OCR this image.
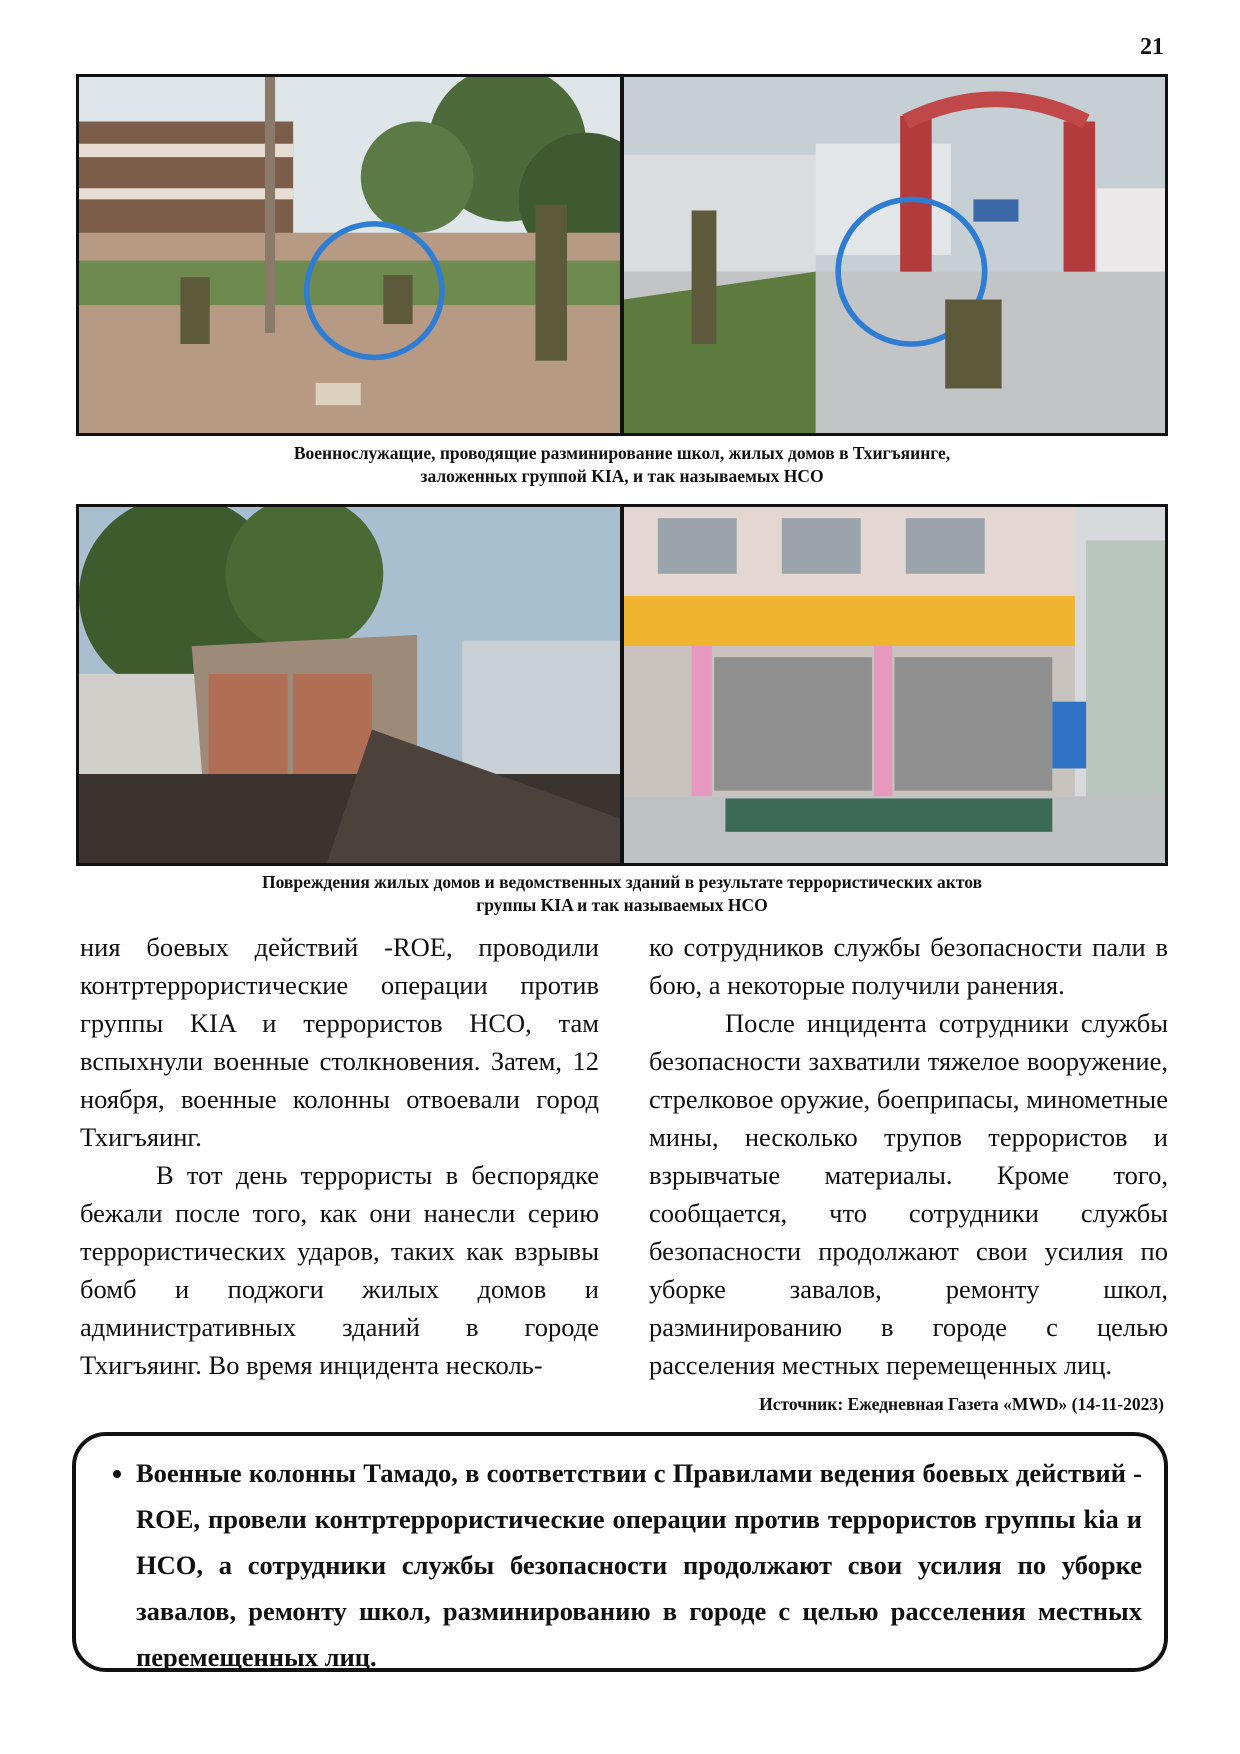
21
Военнослужащие, проводящие разминирование школ, жилых домов в Тхигъяинге,
заложенных группой KIA, и так называемых НСО
Повреждения жилых домов и ведомственных зданий в результате террористических актов
группы KIA и так называемых НСО

ния боевых действий -ROE, проводили контртеррористические операции против группы KIA и террористов НСО, там вспыхнули военные столкновения. Затем, 12 ноября, военные колонны отвоевали город Тхигъяинг.

В тот день террористы в беспорядке бежали после того, как они нанесли серию террористических ударов, таких как взрывы бомб и поджоги жилых домов и административных зданий в городе Тхигъяинг. Во время инцидента несколь-

ко сотрудников службы безопасности пали в бою, а некоторые получили ранения.

После инцидента сотрудники службы безопасности захватили тяжелое вооружение, стрелковое оружие, боеприпасы, минометные мины, несколько трупов террористов и взрывчатые материалы. Кроме того, сообщается, что сотрудники службы безопасности продолжают свои усилия по уборке завалов, ремонту школ, разминированию в городе с целью расселения местных перемещенных лиц.

Источник: Ежедневная Газета «MWD» (14-11-2023)
• Военные колонны Тамадо, в соответствии с Правилами ведения боевых действий -ROE, провели контртеррористические операции против террористов группы kia и НСО, а сотрудники службы безопасности продолжают свои усилия по уборке завалов, ремонту школ, разминированию в городе с целью расселения местных перемещенных лиц.
